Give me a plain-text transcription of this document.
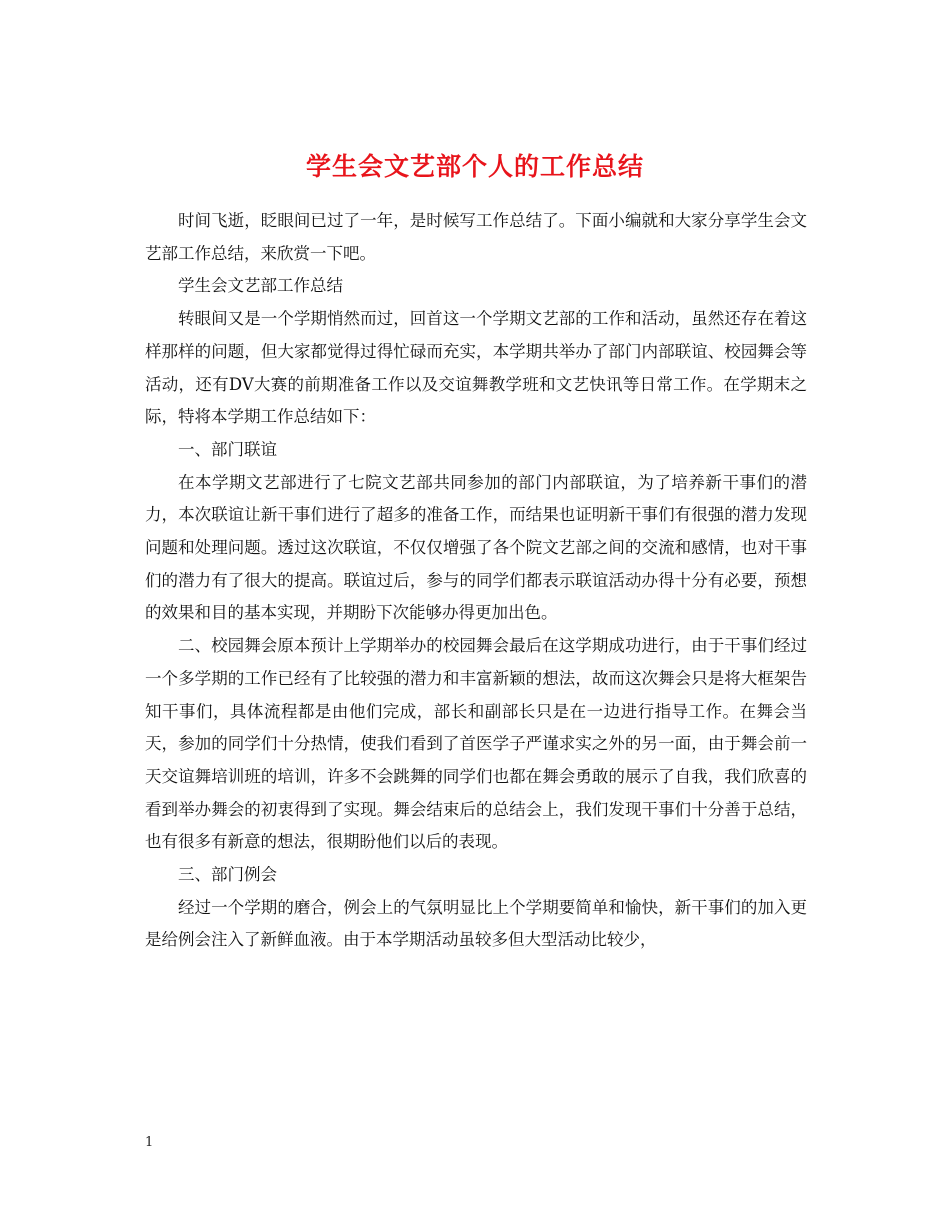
学生会文艺部个人的工作总结

时间飞逝，眨眼间已过了一年，是时候写工作总结了。下面小编就和大家分享学生会文艺部工作总结，来欣赏一下吧。

学生会文艺部工作总结

转眼间又是一个学期悄然而过，回首这一个学期文艺部的工作和活动，虽然还存在着这样那样的问题，但大家都觉得过得忙碌而充实，本学期共举办了部门内部联谊、校园舞会等活动，还有DV大赛的前期准备工作以及交谊舞教学班和文艺快讯等日常工作。在学期末之际，特将本学期工作总结如下：

一、部门联谊

在本学期文艺部进行了七院文艺部共同参加的部门内部联谊，为了培养新干事们的潜力，本次联谊让新干事们进行了超多的准备工作，而结果也证明新干事们有很强的潜力发现问题和处理问题。透过这次联谊，不仅仅增强了各个院文艺部之间的交流和感情，也对干事们的潜力有了很大的提高。联谊过后，参与的同学们都表示联谊活动办得十分有必要，预想的效果和目的基本实现，并期盼下次能够办得更加出色。

二、校园舞会原本预计上学期举办的校园舞会最后在这学期成功进行，由于干事们经过一个多学期的工作已经有了比较强的潜力和丰富新颖的想法，故而这次舞会只是将大框架告知干事们，具体流程都是由他们完成，部长和副部长只是在一边进行指导工作。在舞会当天，参加的同学们十分热情，使我们看到了首医学子严谨求实之外的另一面，由于舞会前一天交谊舞培训班的培训，许多不会跳舞的同学们也都在舞会勇敢的展示了自我，我们欣喜的看到举办舞会的初衷得到了实现。舞会结束后的总结会上，我们发现干事们十分善于总结，也有很多有新意的想法，很期盼他们以后的表现。

三、部门例会

经过一个学期的磨合，例会上的气氛明显比上个学期要简单和愉快，新干事们的加入更是给例会注入了新鲜血液。由于本学期活动虽较多但大型活动比较少，

1
